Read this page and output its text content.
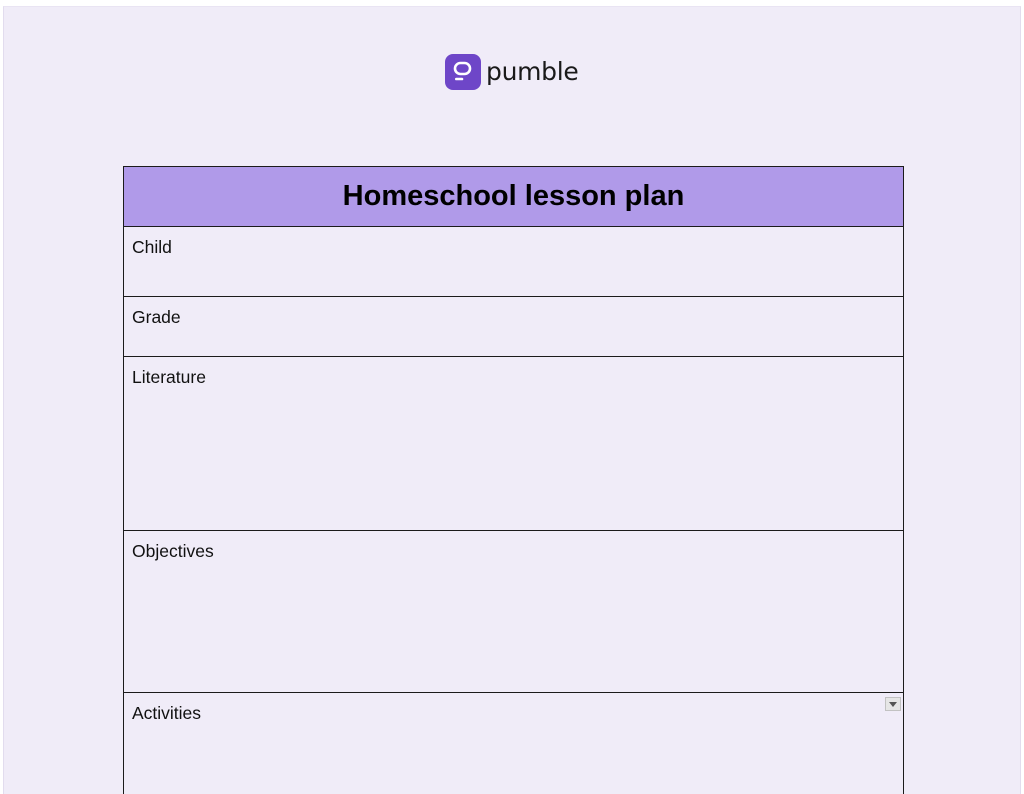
pumble
Homeschool lesson plan

Child

Grade

Literature

Objectives

Activities
